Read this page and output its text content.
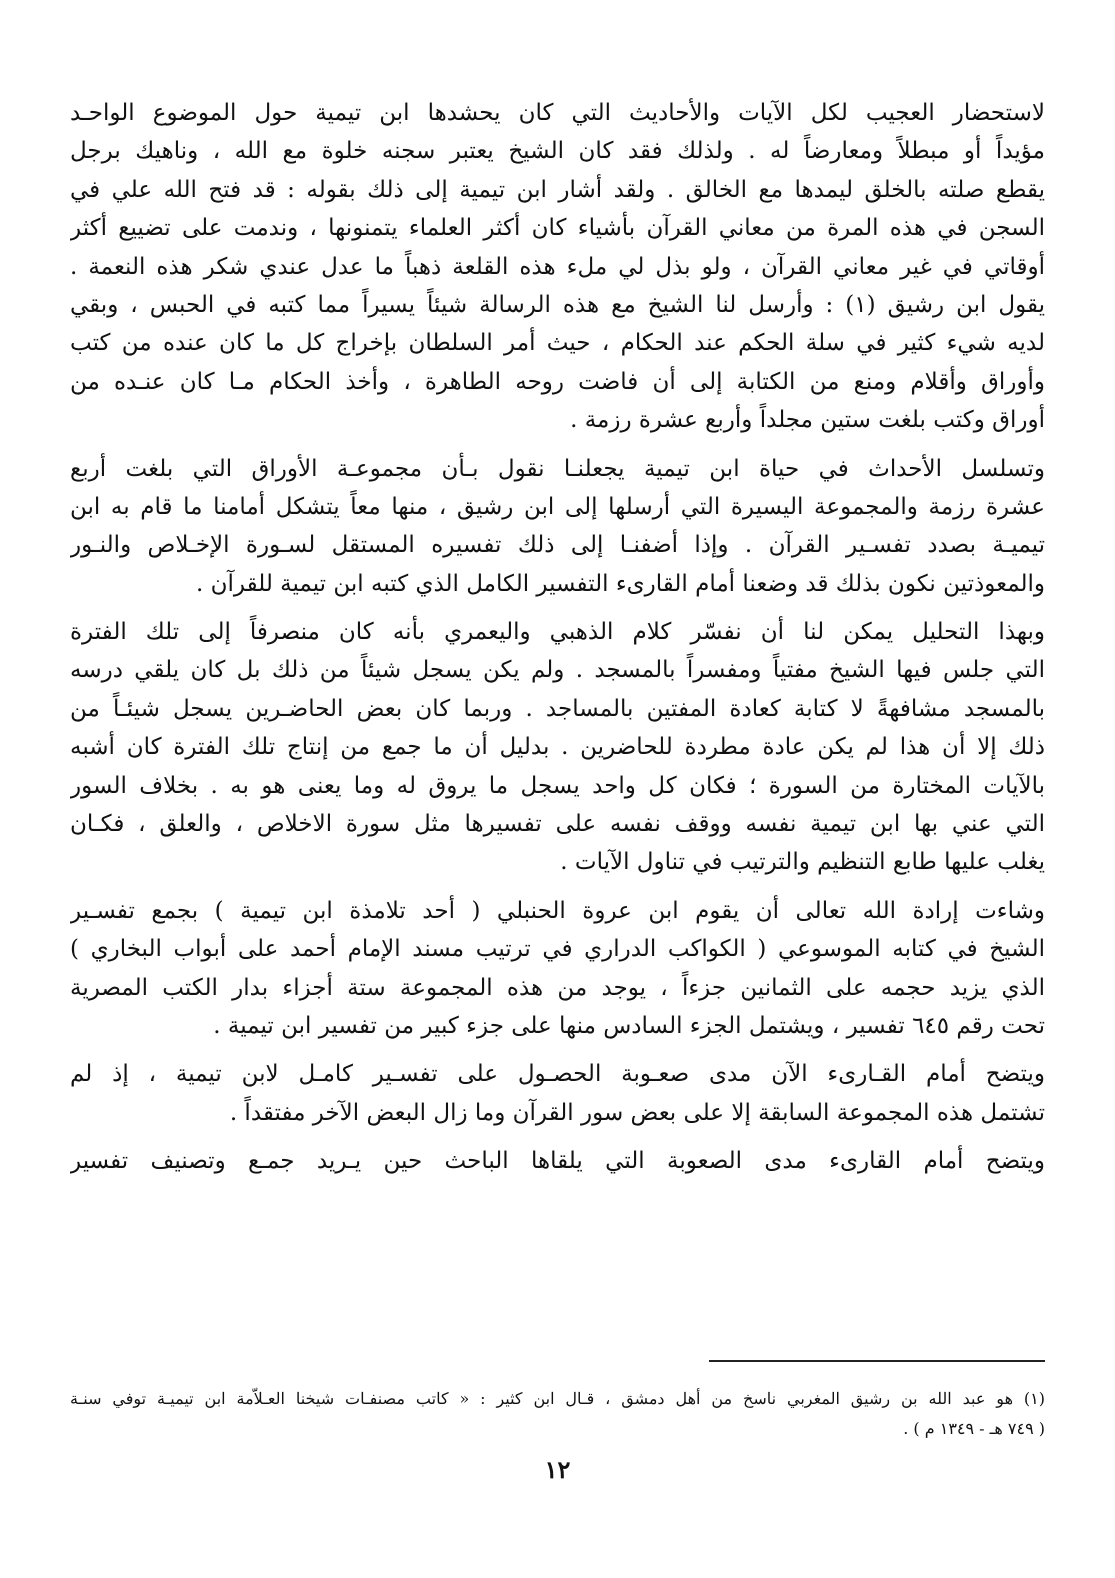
لاستحضار العجيب لكل الآيات والأحاديث التي كان يحشدها ابن تيمية حول الموضوع الواحـد
مؤيداً أو مبطلاً ومعارضاً له . ولذلك فقد كان الشيخ يعتبر سجنه خلوة مع الله ، وناهيك برجل
يقطع صلته بالخلق ليمدها مع الخالق . ولقد أشار ابن تيمية إلى ذلك بقوله : قد فتح الله علي في
السجن في هذه المرة من معاني القرآن بأشياء كان أكثر العلماء يتمنونها ، وندمت على تضييع أكثر
أوقاتي في غير معاني القرآن ، ولو بذل لي ملء هذه القلعة ذهباً ما عدل عندي شكر هذه النعمة .
يقول ابن رشيق (١) : وأرسل لنا الشيخ مع هذه الرسالة شيئاً يسيراً مما كتبه في الحبس ، وبقي
لديه شيء كثير في سلة الحكم عند الحكام ، حيث أمر السلطان بإخراج كل ما كان عنده من كتب
وأوراق وأقلام ومنع من الكتابة إلى أن فاضت روحه الطاهرة ، وأخذ الحكام مـا كان عنـده من
أوراق وكتب بلغت ستين مجلداً وأربع عشرة رزمة .
وتسلسل الأحداث في حياة ابن تيمية يجعلنـا نقول بـأن مجموعـة الأوراق التي بلغت أربع
عشرة رزمة والمجموعة اليسيرة التي أرسلها إلى ابن رشيق ، منها معاً يتشكل أمامنا ما قام به ابن
تيميـة بصدد تفسـير القرآن . وإذا أضفنـا إلى ذلك تفسيره المستقل لسـورة الإخـلاص والنـور
والمعوذتين نكون بذلك قد وضعنا أمام القارىء التفسير الكامل الذي كتبه ابن تيمية للقرآن .
وبهذا التحليل يمكن لنا أن نفسّر كلام الذهبي واليعمري بأنه كان منصرفاً إلى تلك الفترة
التي جلس فيها الشيخ مفتياً ومفسراً بالمسجد . ولم يكن يسجل شيئاً من ذلك بل كان يلقي درسه
بالمسجد مشافهةً لا كتابة كعادة المفتين بالمساجد . وربما كان بعض الحاضـرين يسجل شيئـاً من
ذلك إلا أن هذا لم يكن عادة مطردة للحاضرين . بدليل أن ما جمع من إنتاج تلك الفترة كان أشبه
بالآيات المختارة من السورة ؛ فكان كل واحد يسجل ما يروق له وما يعنى هو به . بخلاف السور
التي عني بها ابن تيمية نفسه ووقف نفسه على تفسيرها مثل سورة الاخلاص ، والعلق ، فكـان
يغلب عليها طابع التنظيم والترتيب في تناول الآيات .
وشاءت إرادة الله تعالى أن يقوم ابن عروة الحنبلي ( أحد تلامذة ابن تيمية ) بجمع تفسـير
الشيخ في كتابه الموسوعي ( الكواكب الدراري في ترتيب مسند الإمام أحمد على أبواب البخاري )
الذي يزيد حجمه على الثمانين جزءاً ، يوجد من هذه المجموعة ستة أجزاء بدار الكتب المصرية
تحت رقم ٦٤٥ تفسير ، ويشتمل الجزء السادس منها على جزء كبير من تفسير ابن تيمية .
ويتضح أمام القـارىء الآن مدى صعـوبة الحصـول على تفسـير كامـل لابن تيمية ، إذ لم
تشتمل هذه المجموعة السابقة إلا على بعض سور القرآن وما زال البعض الآخر مفتقداً .
ويتضح أمام القارىء مدى الصعوبة التي يلقاها الباحث حين يـريد جمـع وتصنيف تفسير
(١) هو عبد الله بن رشيق المغربي ناسخ من أهل دمشق ، قـال ابن كثير : « كاتب مصنفـات شيخنا العـلاّمة ابن تيميـة توفي سنـة
( ٧٤٩ هـ - ١٣٤٩ م ) .
١٢
